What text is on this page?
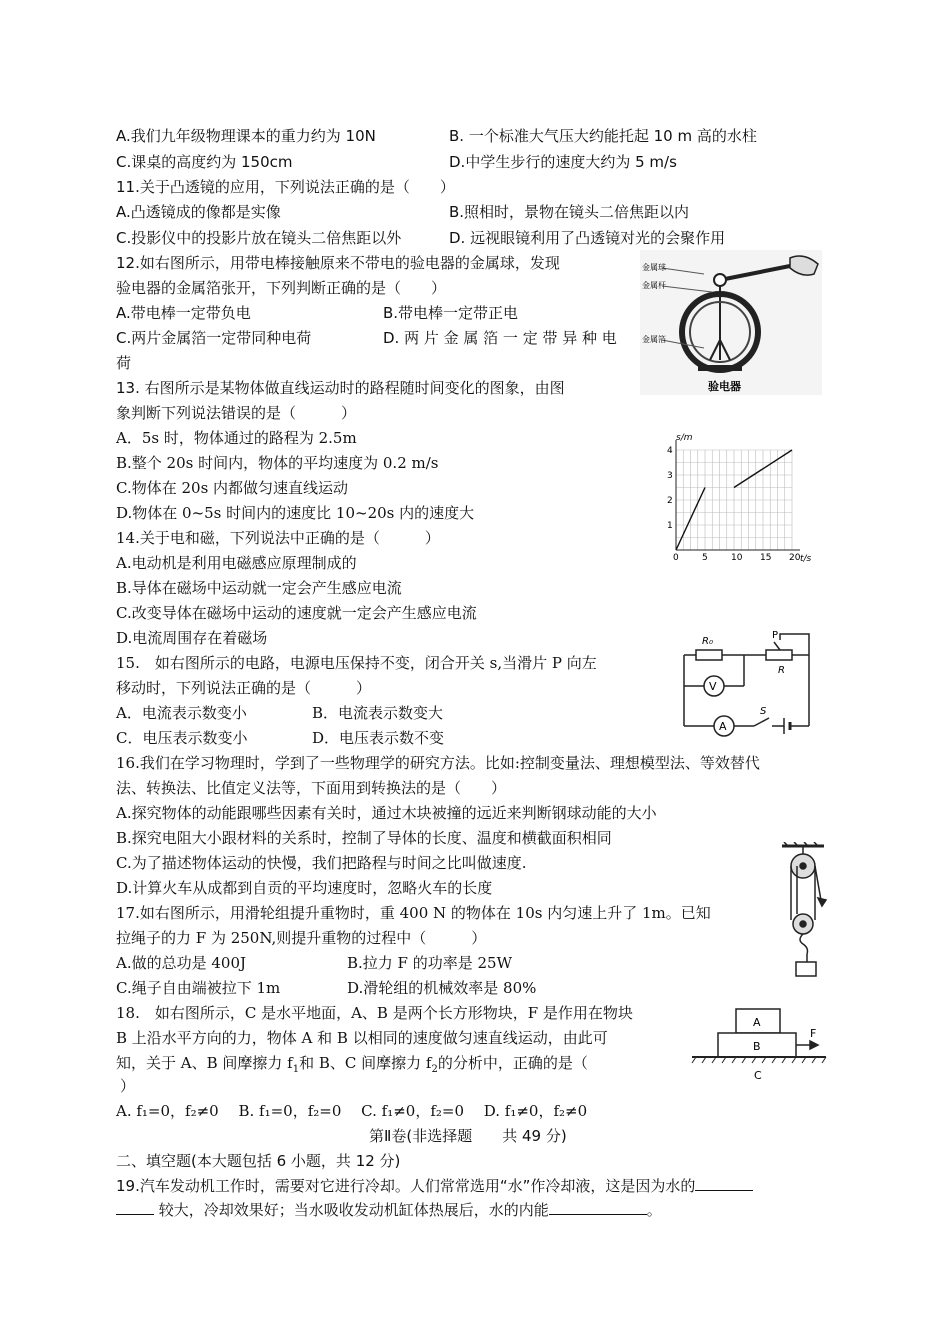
A.我们九年级物理课本的重力约为 10N	B. 一个标准大气压大约能托起 10 m 高的水柱
C.课桌的高度约为 150cm	D.中学生步行的速度大约为 5 m/s
11.关于凸透镜的应用，下列说法正确的是（　　）
A.凸透镜成的像都是实像	B.照相时，景物在镜头二倍焦距以内
C.投影仪中的投影片放在镜头二倍焦距以外	D. 远视眼镜利用了凸透镜对光的会聚作用
12.如右图所示，用带电棒接触原来不带电的验电器的金属球，发现
验电器的金属箔张开，下列判断正确的是（　　）
A.带电棒一定带负电	B.带电棒一定带正电
C.两片金属箔一定带同种电荷	D. 两 片 金 属 箔 一 定 带 异 种 电
荷
金属球
金属杆
金属箔
验电器
13. 右图所示是某物体做直线运动时的路程随时间变化的图象，由图
象判断下列说法错误的是（　　　）
A．5s 时，物体通过的路程为 2.5m
B.整个 20s 时间内，物体的平均速度为 0.2 m/s
C.物体在 20s 内都做匀速直线运动
D.物体在 0~5s 时间内的速度比 10~20s 内的速度大
0	5	10 15 20
1
2
3
4
s/m
t/s
14.关于电和磁，下列说法中正确的是（　　　）
A.电动机是利用电磁感应原理制成的
B.导体在磁场中运动就一定会产生感应电流
C.改变导体在磁场中运动的速度就一定会产生感应电流
D.电流周围存在着磁场
15.　如右图所示的电路，电源电压保持不变，闭合开关 s,当滑片 P 向左
移动时，下列说法正确的是（　　　）
A．电流表示数变小	B．电流表示数变大
C．电压表示数变小	D．电压表示数不变
R₀
R
P
V
A
S
16.我们在学习物理时，学到了一些物理学的研究方法。比如:控制变量法、理想模型法、等效替代
法、转换法、比值定义法等，下面用到转换法的是（　　）
A.探究物体的动能跟哪些因素有关时，通过木块被撞的远近来判断钢球动能的大小
B.探究电阻大小跟材料的关系时，控制了导体的长度、温度和横截面积相同
C.为了描述物体运动的快慢，我们把路程与时间之比叫做速度.
D.计算火车从成都到自贡的平均速度时，忽略火车的长度
17.如右图所示，用滑轮组提升重物时，重 400 N 的物体在 10s 内匀速上升了 1m。已知
拉绳子的力 F 为 250N,则提升重物的过程中（　　　）
A.做的总功是 400J	B.拉力 F 的功率是 25W
C.绳子自由端被拉下 1m	D.滑轮组的机械效率是 80%
18.　如右图所示，C 是水平地面，A、B 是两个长方形物块，F 是作用在物块
B 上沿水平方向的力，物体 A 和 B 以相同的速度做匀速直线运动，由此可
知，关于 A、B 间摩擦力 $f_1$和 B、C 间摩擦力 $f_2$的分析中，正确的是（
）
A. f₁=0，f₂≠0　 B. f₁=0，f₂=0　 C. f₁≠0，f₂=0　 D. f₁≠0，f₂≠0
A
B
C
F
第Ⅱ卷(非选择题　　共 49 分)
二、填空题(本大题包括 6 小题，共 12 分)
19.汽车发动机工作时，需要对它进行冷却。人们常常选用“水”作冷却液，这是因为水的
较大，冷却效果好；当水吸收发动机缸体热展后，水的内能	。
